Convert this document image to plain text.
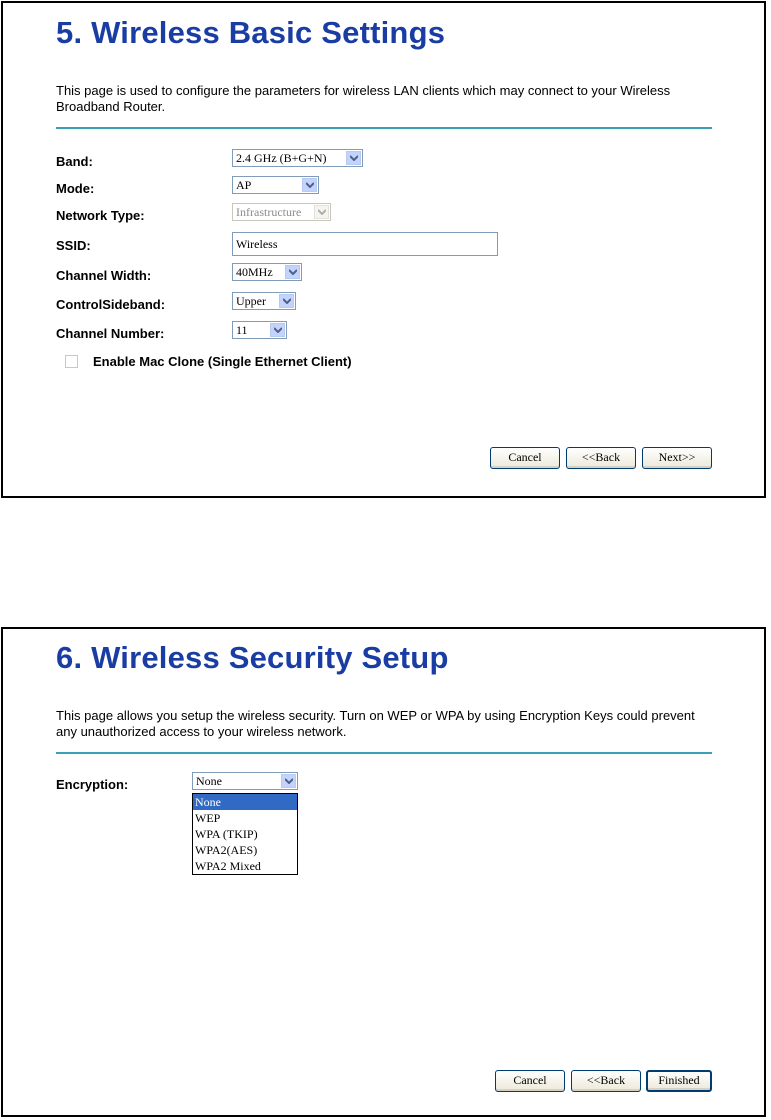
5. Wireless Basic Settings
This page is used to configure the parameters for wireless LAN clients which may connect to your Wireless Broadband Router.
Band:	2.4 GHz (B+G+N)
Mode:	AP
Network Type:	Infrastructure
SSID:	Wireless
Channel Width:	40MHz
ControlSideband:	Upper
Channel Number:	11
Enable Mac Clone (Single Ethernet Client)
Cancel	<<Back	Next>>
6. Wireless Security Setup
This page allows you setup the wireless security. Turn on WEP or WPA by using Encryption Keys could prevent any unauthorized access to your wireless network.
Encryption:	None
None
WEP
WPA (TKIP)
WPA2(AES)
WPA2 Mixed
Cancel	<<Back	Finished
